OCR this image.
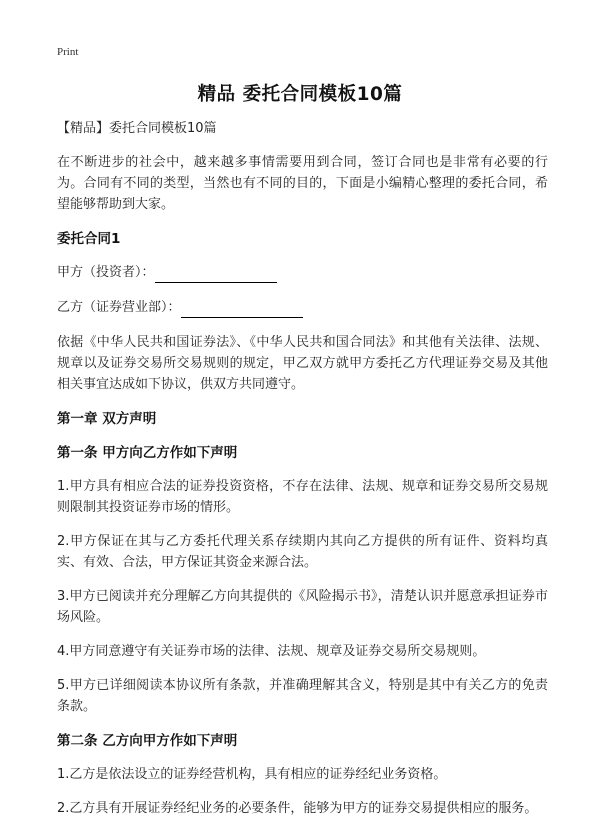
Print
精品 委托合同模板10篇

【精品】委托合同模板10篇

在不断进步的社会中，越来越多事情需要用到合同，签订合同也是非常有必要的行为。合同有不同的类型，当然也有不同的目的，下面是小编精心整理的委托合同，希望能够帮助到大家。

委托合同1
甲方（投资者）：
乙方（证券营业部）：

依据《中华人民共和国证券法》、《中华人民共和国合同法》和其他有关法律、法规、规章以及证券交易所交易规则的规定，甲乙双方就甲方委托乙方代理证券交易及其他相关事宜达成如下协议，供双方共同遵守。

第一章 双方声明
第一条 甲方向乙方作如下声明

1.甲方具有相应合法的证券投资资格，不存在法律、法规、规章和证券交易所交易规则限制其投资证券市场的情形。

2.甲方保证在其与乙方委托代理关系存续期内其向乙方提供的所有证件、资料均真实、有效、合法，甲方保证其资金来源合法。

3.甲方已阅读并充分理解乙方向其提供的《风险揭示书》，清楚认识并愿意承担证券市场风险。

4.甲方同意遵守有关证券市场的法律、法规、规章及证券交易所交易规则。

5.甲方已详细阅读本协议所有条款，并准确理解其含义，特别是其中有关乙方的免责条款。

第二条 乙方向甲方作如下声明

1.乙方是依法设立的证券经营机构，具有相应的证券经纪业务资格。

2.乙方具有开展证券经纪业务的必要条件，能够为甲方的证券交易提供相应的服务。
